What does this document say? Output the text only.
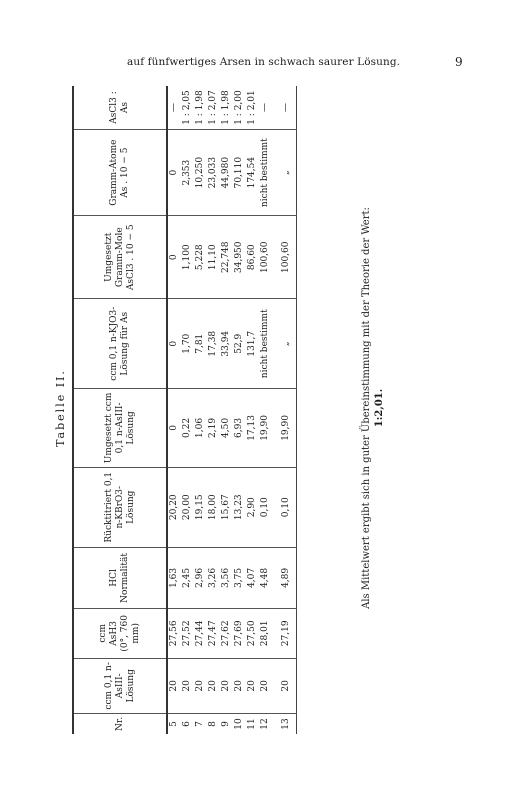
auf fünfwertiges Arsen in schwach saurer Lösung.	9
Tabelle II.
Nr.	ccm 0,1 n-AsIII-Lösung	ccm AsH3 (0°, 760 mm)	HCl Normalität	Rücktitriert 0,1 n-KBrO3-Lösung	Umgesetzt ccm 0,1 n-AsIII-Lösung	ccm 0,1 n-KJO3-Lösung für As	Umgesetzt Gramm-Mole AsCl3 . 10 − 5	Gramm-Atome As . 10 − 5	AsCl3 : As
5	20	27,56	1,63	20,20	0	0	0	0	—
6	20	27,52	2,45	20,00	0,22	1,70	1,100	2,353	1 : 2,05
7	20	27,44	2,96	19,15	1,06	7,81	5,228	10,250	1 : 1,98
8	20	27,47	3,26	18,00	2,19	17,38	11,10	23,033	1 : 2,07
9	20	27,62	3,56	15,67	4,50	33,94	22,748	44,980	1 : 1,98
10	20	27,69	3,75	13,23	6,93	52,9	34,950	70,110	1 : 2,00
11	20	27,50	4,07	2,90	17,13	131,7	86,60	174,54	1 : 2,01
12	20	28,01	4,48	0,10	19,90	nicht bestimmt	100,60	nicht bestimmt	—

13	20	27,19	4,89	0,10	19,90	„	100,60	„	—
Als Mittelwert ergibt sich in guter Übereinstimmung mit der Theorie der Wert: 1:2,01.
